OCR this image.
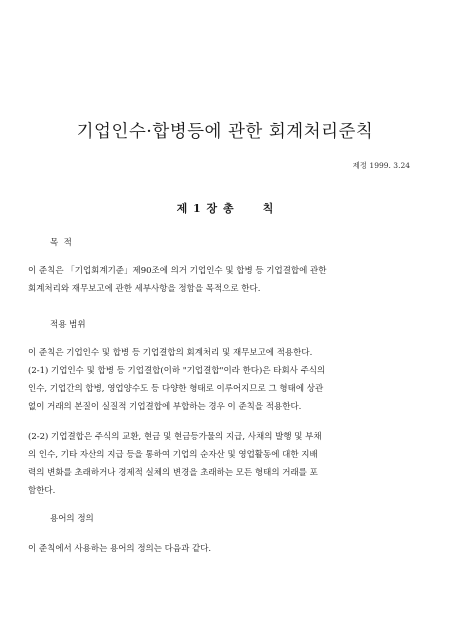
기업인수·합병등에 관한 회계처리준칙
제정 1999. 3.24
제 1 장 총     칙
목  적
이 준칙은 「기업회계기준」제90조에 의거 기업인수 및 합병 등 기업결합에 관한
회계처리와 재무보고에 관한 세부사항을 정함을 목적으로 한다.
적용 범위
이 준칙은 기업인수 및 합병 등 기업결합의 회계처리 및 재무보고에 적용한다.
(2-1) 기업인수 및 합병 등 기업결합(이하 "기업결합"이라 한다)은 타회사 주식의
인수, 기업간의 합병, 영업양수도 등 다양한 형태로 이루어지므로 그 형태에 상관
없이 거래의 본질이 실질적 기업결합에 부합하는 경우 이 준칙을 적용한다.
(2-2) 기업결합은 주식의 교환, 현금 및 현금등가물의 지급, 사채의 발행 및 부채
의 인수, 기타 자산의 지급 등을 통하여 기업의 순자산 및 영업활동에 대한 지배
력의 변화를 초래하거나 경제적 실체의 변경을 초래하는 모든 형태의 거래를 포
함한다.
용어의 정의
이 준칙에서 사용하는 용어의 정의는 다음과 같다.
